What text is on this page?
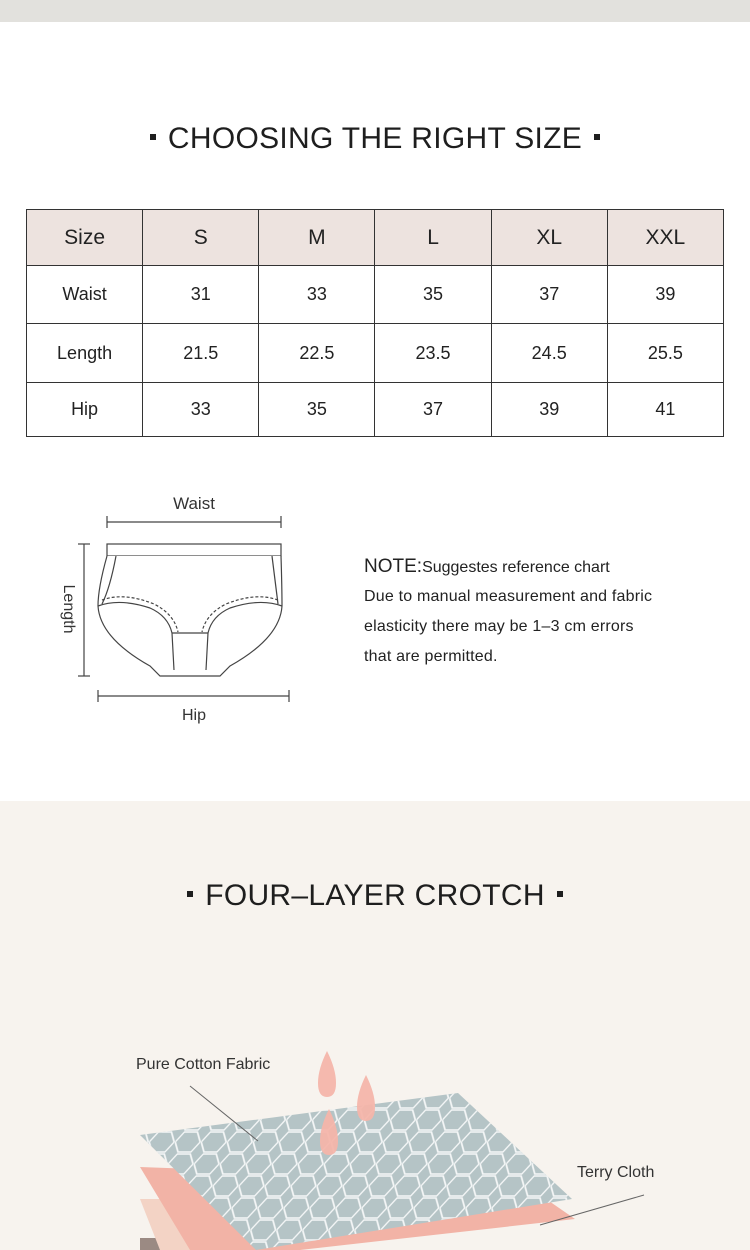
CHOOSING THE RIGHT SIZE
Size	S	M	L	XL	XXL
Waist	31	33	35	37	39
Length	21.5	22.5	23.5	24.5	25.5
Hip	33	35	37	39	41
Waist
Length
Hip
NOTE:Suggestes reference chart
Due to manual measurement and fabric
elasticity there may be 1–3 cm errors
that are permitted.
FOUR–LAYER CROTCH
Pure Cotton Fabric
Terry Cloth
